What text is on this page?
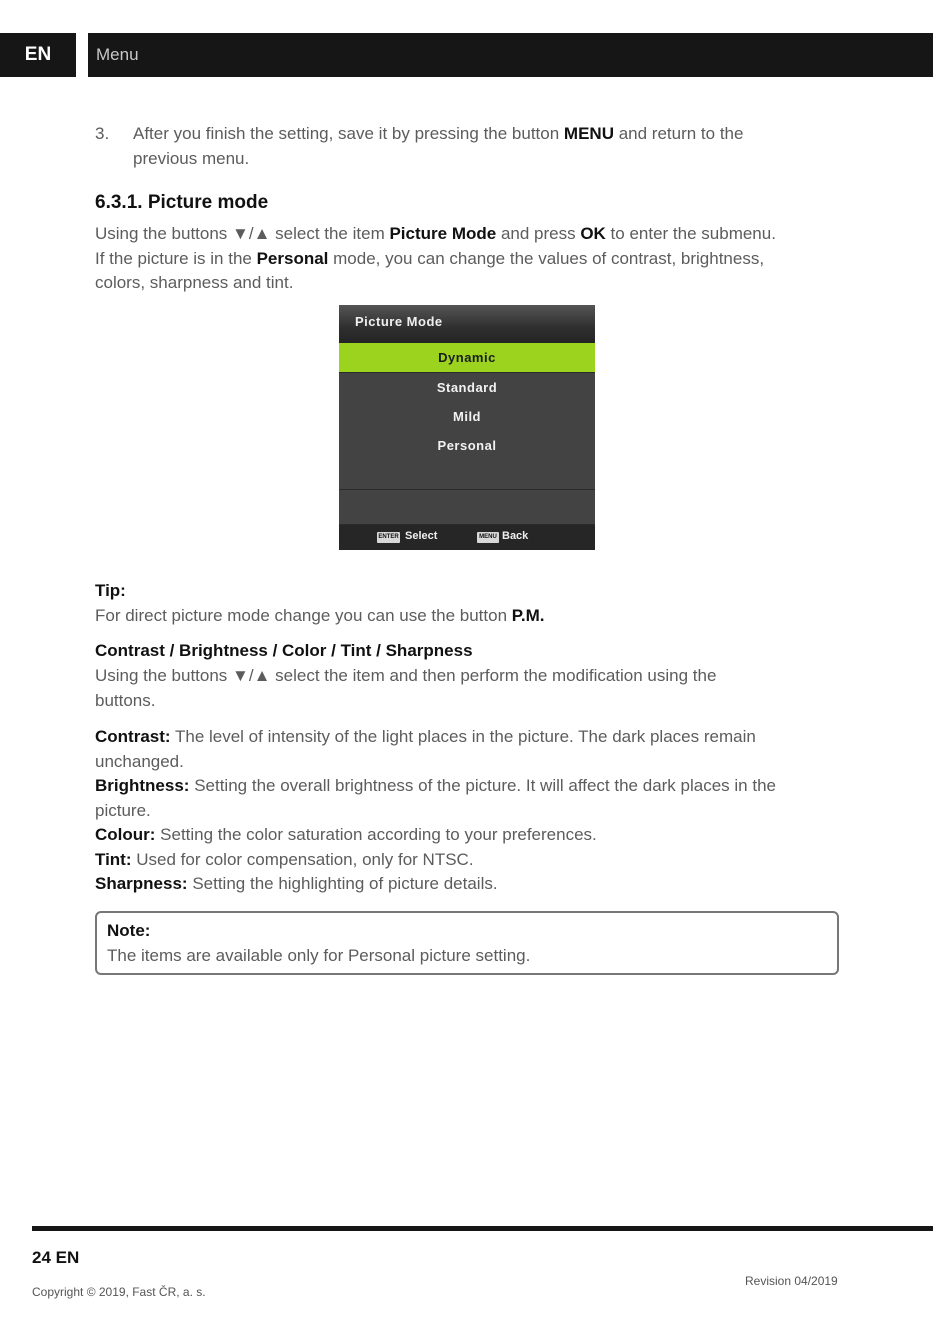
EN	Menu
3. After you finish the setting, save it by pressing the button MENU and return to the
previous menu.
6.3.1. Picture mode
Using the buttons ▼/▲ select the item Picture Mode and press OK to enter the submenu.
If the picture is in the Personal mode, you can change the values of contrast, brightness,
colors, sharpness and tint.
Picture Mode
Dynamic
Standard
Mild
Personal
ENTER Select	MENU Back
Tip:
For direct picture mode change you can use the button P.M.
Contrast / Brightness / Color / Tint / Sharpness
Using the buttons ▼/▲ select the item and then perform the modification using the
buttons.
Contrast: The level of intensity of the light places in the picture. The dark places remain
unchanged.
Brightness: Setting the overall brightness of the picture. It will affect the dark places in the
picture.
Colour: Setting the color saturation according to your preferences.
Tint: Used for color compensation, only for NTSC.
Sharpness: Setting the highlighting of picture details.
Note:
The items are available only for Personal picture setting.
24 EN
Copyright © 2019, Fast ČR, a. s.
Revision 04/2019
